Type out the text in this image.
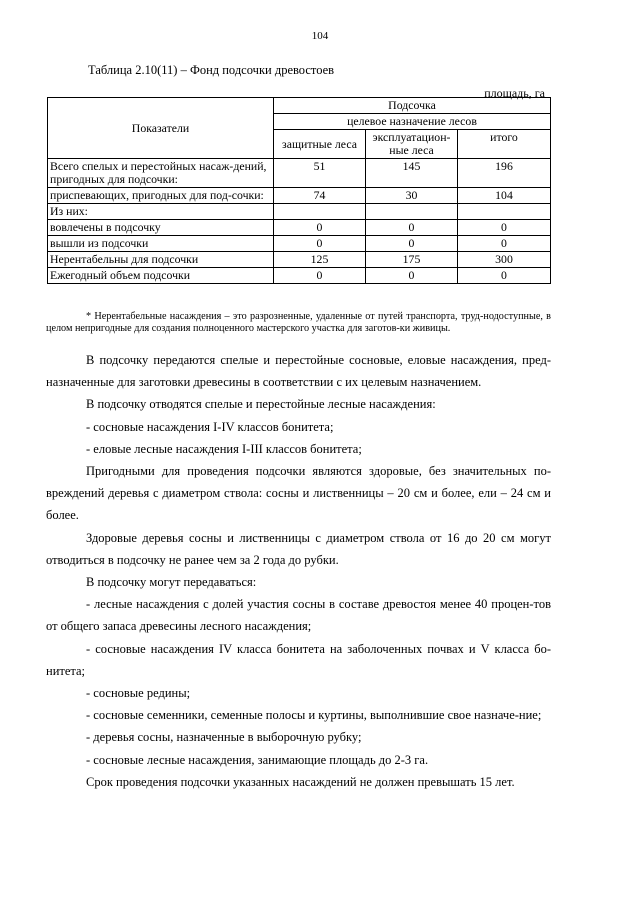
104
Таблица 2.10(11) – Фонд подсочки древостоев
площадь, га
Показатели	Подсочка		
	целевое назначение лесов		
	защитные леса	эксплуатацион-ные леса	итого
Всего спелых и перестойных насаж-дений, пригодных для подсочки:	51	145	196
приспевающих, пригодных для под-сочки:	74	30	104
Из них:			
вовлечены в подсочку	0	0	0
вышли из подсочки	0	0	0
Нерентабельны для подсочки	125	175	300
Ежегодный объем подсочки	0	0	0
* Нерентабельные насаждения – это разрозненные, удаленные от путей транспорта, труд-нодоступные, в целом непригодные для создания полноценного мастерского участка для заготов-ки живицы.

В подсочку передаются спелые и перестойные сосновые, еловые насаждения, пред-назначенные для заготовки древесины в соответствии с их целевым назначением.

В подсочку отводятся спелые и перестойные лесные насаждения:

- сосновые насаждения I-IV классов бонитета;

- еловые лесные насаждения I-III классов бонитета;

Пригодными для проведения подсочки являются здоровые, без значительных по-вреждений деревья с диаметром ствола: сосны и лиственницы – 20 см и более, ели – 24 см и более.

Здоровые деревья сосны и лиственницы с диаметром ствола от 16 до 20 см могут отводиться в подсочку не ранее чем за 2 года до рубки.

В подсочку могут передаваться:

- лесные насаждения с долей участия сосны в составе древостоя менее 40 процен-тов от общего запаса древесины лесного насаждения;

- сосновые насаждения IV класса бонитета на заболоченных почвах и V класса бо-нитета;

- сосновые редины;

- сосновые семенники, семенные полосы и куртины, выполнившие свое назначе-ние;

- деревья сосны, назначенные в выборочную рубку;

- сосновые лесные насаждения, занимающие площадь до 2-3 га.

Срок проведения подсочки указанных насаждений не должен превышать 15 лет.
